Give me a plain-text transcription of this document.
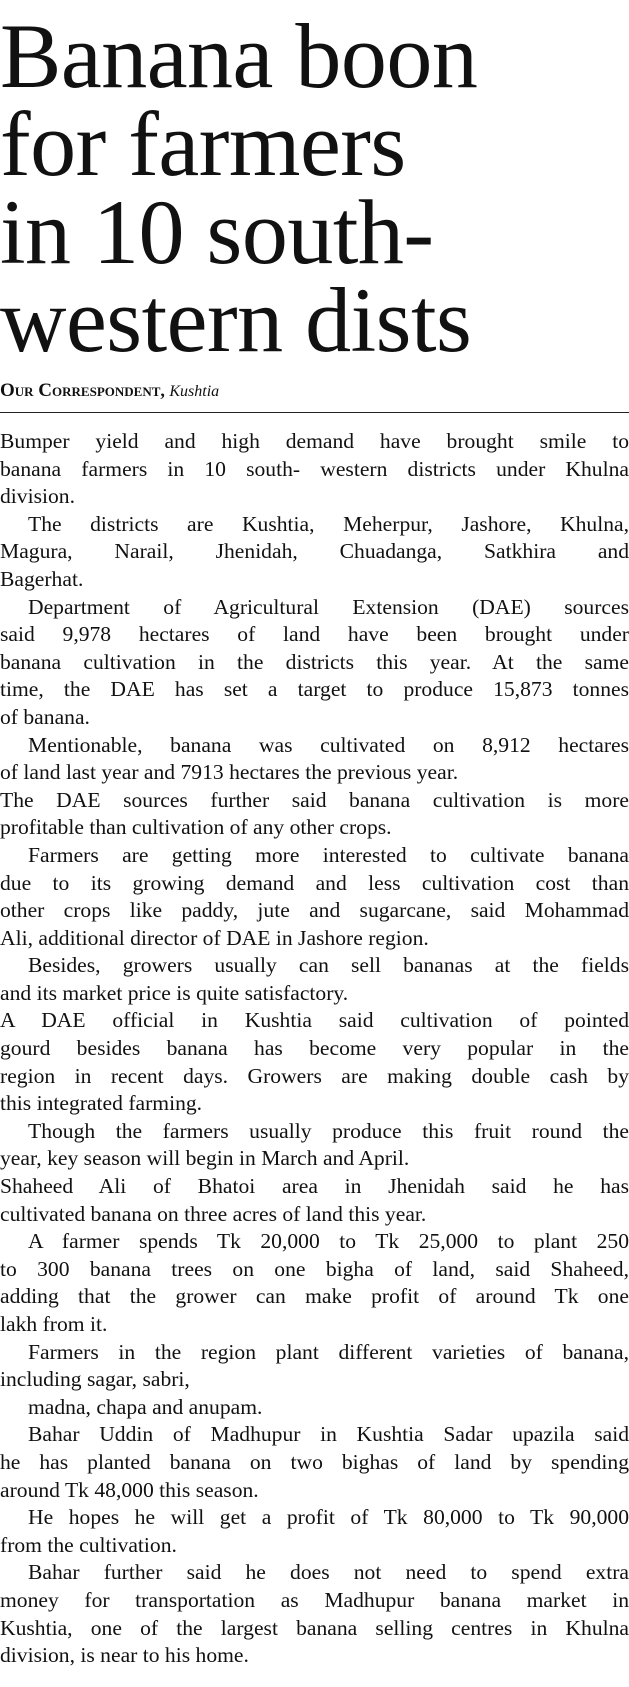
Banana boon
for farmers
in 10 south-
western dists
Our Correspondent, Kushtia
Bumper yield and high demand have brought smile to
banana farmers in 10 south- western districts under Khulna
division.
The districts are Kushtia, Meherpur, Jashore, Khulna,
Magura, Narail, Jhenidah, Chuadanga, Satkhira and
Bagerhat.
Department of Agricultural Extension (DAE) sources
said 9,978 hectares of land have been brought under
banana cultivation in the districts this year. At the same
time, the DAE has set a target to produce 15,873 tonnes
of banana.
Mentionable, banana was cultivated on 8,912 hectares
of land last year and 7913 hectares the previous year.
The DAE sources further said banana cultivation is more
profitable than cultivation of any other crops.
Farmers are getting more interested to cultivate banana
due to its growing demand and less cultivation cost than
other crops like paddy, jute and sugarcane, said Mohammad
Ali, additional director of DAE in Jashore region.
Besides, growers usually can sell bananas at the fields
and its market price is quite satisfactory.
A DAE official in Kushtia said cultivation of pointed
gourd besides banana has become very popular in the
region in recent days. Growers are making double cash by
this integrated farming.
Though the farmers usually produce this fruit round the
year, key season will begin in March and April.
Shaheed Ali of Bhatoi area in Jhenidah said he has
cultivated banana on three acres of land this year.
A farmer spends Tk 20,000 to Tk 25,000 to plant 250
to 300 banana trees on one bigha of land, said Shaheed,
adding that the grower can make profit of around Tk one
lakh from it.
Farmers in the region plant different varieties of banana,
including sagar, sabri,
madna, chapa and anupam.
Bahar Uddin of Madhupur in Kushtia Sadar upazila said
he has planted banana on two bighas of land by spending
around Tk 48,000 this season.
He hopes he will get a profit of Tk 80,000 to Tk 90,000
from the cultivation.
Bahar further said he does not need to spend extra
money for transportation as Madhupur banana market in
Kushtia, one of the largest banana selling centres in Khulna
division, is near to his home.
